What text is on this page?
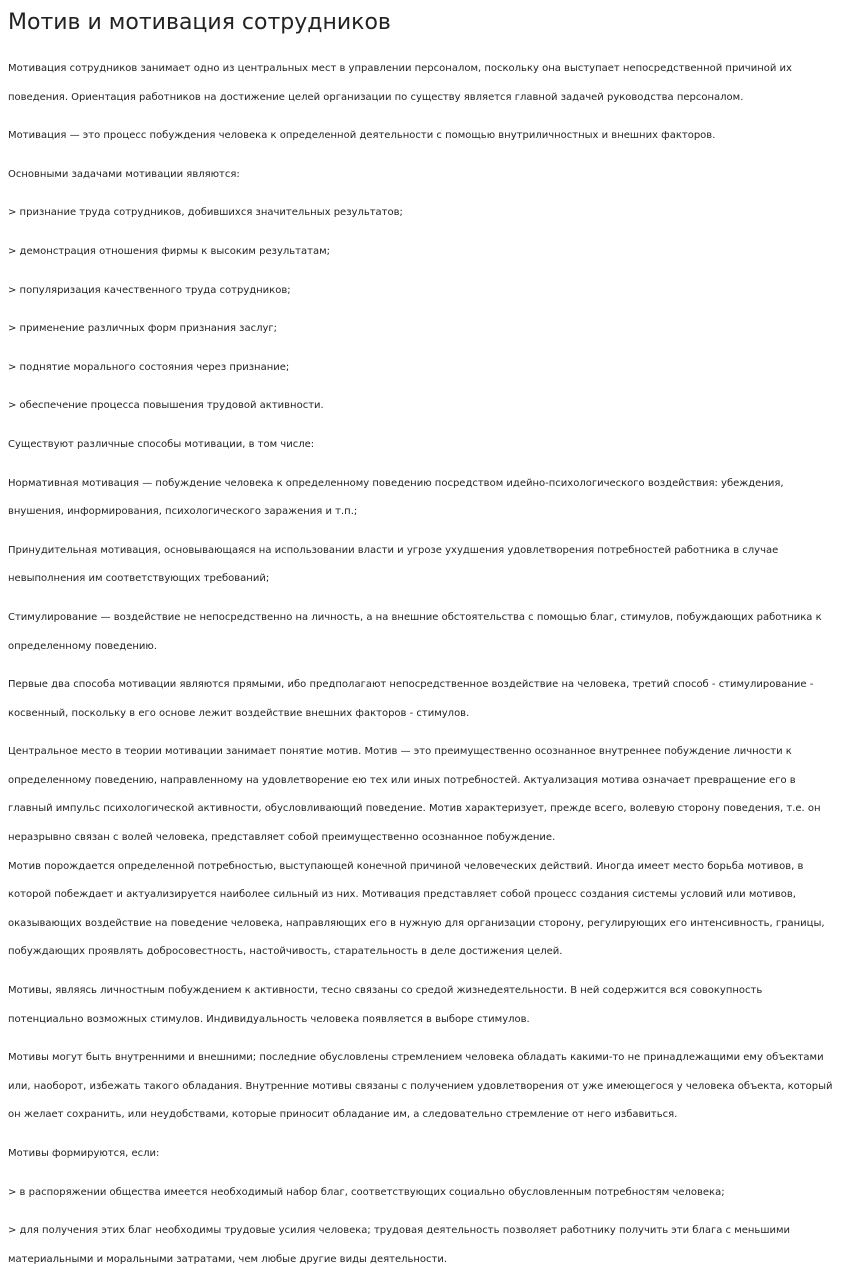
Мотив и мотивация сотрудников

Мотивация сотрудников занимает одно из центральных мест в управлении персоналом, поскольку она выступает непосредственной причиной их поведения. Ориентация работников на достижение целей организации по существу является главной задачей руководства персоналом.

Мотивация — это процесс побуждения человека к определенной деятельности с помощью внутриличностных и внешних факторов.

Основными задачами мотивации являются:

> признание труда сотрудников, добившихся значительных результатов;

> демонстрация отношения фирмы к высоким результатам;

> популяризация качественного труда сотрудников;

> применение различных форм признания заслуг;

> поднятие морального состояния через признание;

> обеспечение процесса повышения трудовой активности.

Существуют различные способы мотивации, в том числе:

Нормативная мотивация — побуждение человека к определенному поведению посредством идейно-психологического воздействия: убеждения, внушения, информирования, психологического заражения и т.п.;

Принудительная мотивация, основывающаяся на использовании власти и угрозе ухудшения удовлетворения потребностей работника в случае невыполнения им соответствующих требований;

Стимулирование — воздействие не непосредственно на личность, а на внешние обстоятельства с помощью благ, стимулов, побуждающих работника к определенному поведению.

Первые два способа мотивации являются прямыми, ибо предполагают непосредственное воздействие на человека, третий способ - стимулирование - косвенный, поскольку в его основе лежит воздействие внешних факторов - стимулов.

Центральное место в теории мотивации занимает понятие мотив. Мотив — это преимущественно осознанное внутреннее побуждение личности к определенному поведению, направленному на удовлетворение ею тех или иных потребностей. Актуализация мотива означает превращение его в главный импульс психологической активности, обусловливающий поведение. Мотив характеризует, прежде всего, волевую сторону поведения, т.е. он неразрывно связан с волей человека, представляет собой преимущественно осознанное побуждение.

Мотив порождается определенной потребностью, выступающей конечной причиной человеческих действий. Иногда имеет место борьба мотивов, в которой побеждает и актуализируется наиболее сильный из них. Мотивация представляет собой процесс создания системы условий или мотивов, оказывающих воздействие на поведение человека, направляющих его в нужную для организации сторону, регулирующих его интенсивность, границы, побуждающих проявлять добросовестность, настойчивость, старательность в деле достижения целей.

Мотивы, являясь личностным побуждением к активности, тесно связаны со средой жизнедеятельности. В ней содержится вся совокупность потенциально возможных стимулов. Индивидуальность человека появляется в выборе стимулов.

Мотивы могут быть внутренними и внешними; последние обусловлены стремлением человека обладать какими-то не принадлежащими ему объектами или, наоборот, избежать такого обладания. Внутренние мотивы связаны с получением удовлетворения от уже имеющегося у человека объекта, который он желает сохранить, или неудобствами, которые приносит обладание им, а следовательно стремление от него избавиться.

Мотивы формируются, если:

> в распоряжении общества имеется необходимый набор благ, соответствующих социально обусловленным потребностям человека;

> для получения этих благ необходимы трудовые усилия человека; трудовая деятельность позволяет работнику получить эти блага с меньшими материальными и моральными затратами, чем любые другие виды деятельности.
